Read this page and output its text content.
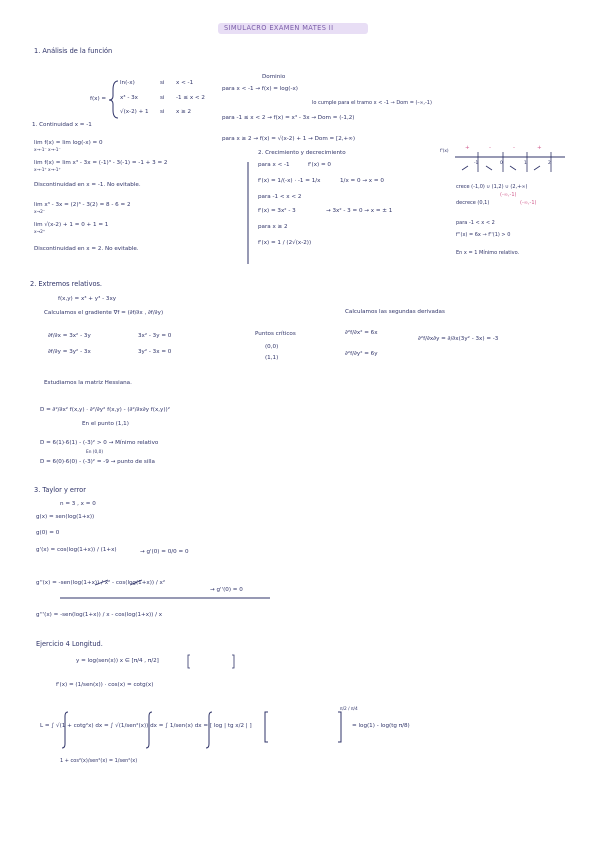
SIMULACRO EXAMEN MATES II
1. Análisis de la función
f(x) =
ln(-x)	si x < -1
x³ - 3x	si -1 ≤ x < 2
√(x-2) + 1 si x ≥ 2
Dominio
para x < -1 → f(x) = log(-x)
lo cumple para el tramo x < -1 → Dom = (-∞,-1)
para -1 ≤ x < 2 → f(x) = x³ - 3x → Dom = (-1,2)
para x ≥ 2 → f(x) = √(x-2) + 1 → Dom = [2,+∞)
1. Continuidad x = -1
lim f(x) = lim log(-x) = 0
x→-1⁻ x→-1⁻
lim f(x) = lim x³ - 3x = (-1)³ - 3(-1) = -1 + 3 = 2
x→-1⁺ x→-1⁺
Discontinuidad en x = -1. No evitable.
lim x³ - 3x = (2)³ - 3(2) = 8 - 6 = 2
x→2⁻
lim √(x-2) + 1 = 0 + 1 = 1
x→2⁺
Discontinuidad en x = 2. No evitable.
2. Crecimiento y decrecimiento
para x < -1	f'(x) = 0
f'(x) = 1/(-x) · -1 = 1/x	1/x = 0 → x = 0
para -1 < x < 2
f'(x) = 3x² - 3	→ 3x² - 3 = 0 → x = ± 1
para x ≥ 2
f'(x) = 1 / (2√(x-2))
f'(x)
+	-	-	+
-1	0	1	2
crece (-1,0) ∪ (1,2) ∪ (2,+∞)
(-∞,-1)
decrece (0,1)	(-∞,-1)
para -1 < x < 2
f''(x) = 6x → f''(1) > 0
En x = 1 Mínimo relativo.
2. Extremos relativos.
f(x,y) = x³ + y³ - 3xy
Calculamos el gradiente ∇f = (∂f/∂x , ∂f/∂y)
∂f/∂x = 3x² - 3y
∂f/∂y = 3y² - 3x
3x² - 3y = 0
3y² - 3x = 0
Puntos críticos
(0,0)
(1,1)
Calculamos las segundas derivadas
∂²f/∂x² = 6x
∂²f/∂y² = 6y
∂²f/∂x∂y = ∂/∂x(3y² - 3x) = -3
Estudiamos la matriz Hessiana.
D = ∂²/∂x² f(x,y) · ∂²/∂y² f(x,y) - (∂²/∂x∂y f(x,y))²
En el punto (1,1)
D = 6(1)·6(1) - (-3)² > 0 → Mínimo relativo
En (0,0)
D = 6(0)·6(0) - (-3)² = -9 → punto de silla
3. Taylor y error
n = 3 , x = 0
g(x) = sen(log(1+x))
g(0) = 0
g'(x) = cos(log(1+x)) / (1+x)	→ g'(0) = 0/0 = 0
g''(x) = -sen(log(1+x)) / x² - cos(log(1+x)) / x²
→ g''(0) = 0
g'''(x) = -sen(log(1+x)) / x - cos(log(1+x)) / x
Ejercicio 4 Longitud.
y = log(sen(x)) x ∈ [π/4 , π/2]
f'(x) = (1/sen(x)) · cos(x) = cotg(x)
L = ∫ √(1 + cotg²x) dx = ∫ √(1/sen²(x)) dx = ∫ 1/sen(x) dx = [ log | tg x/2 | ]
π/2 / π/4
= log(1) - log(tg π/8)
1 + cos²(x)/sen²(x) = 1/sen²(x)
